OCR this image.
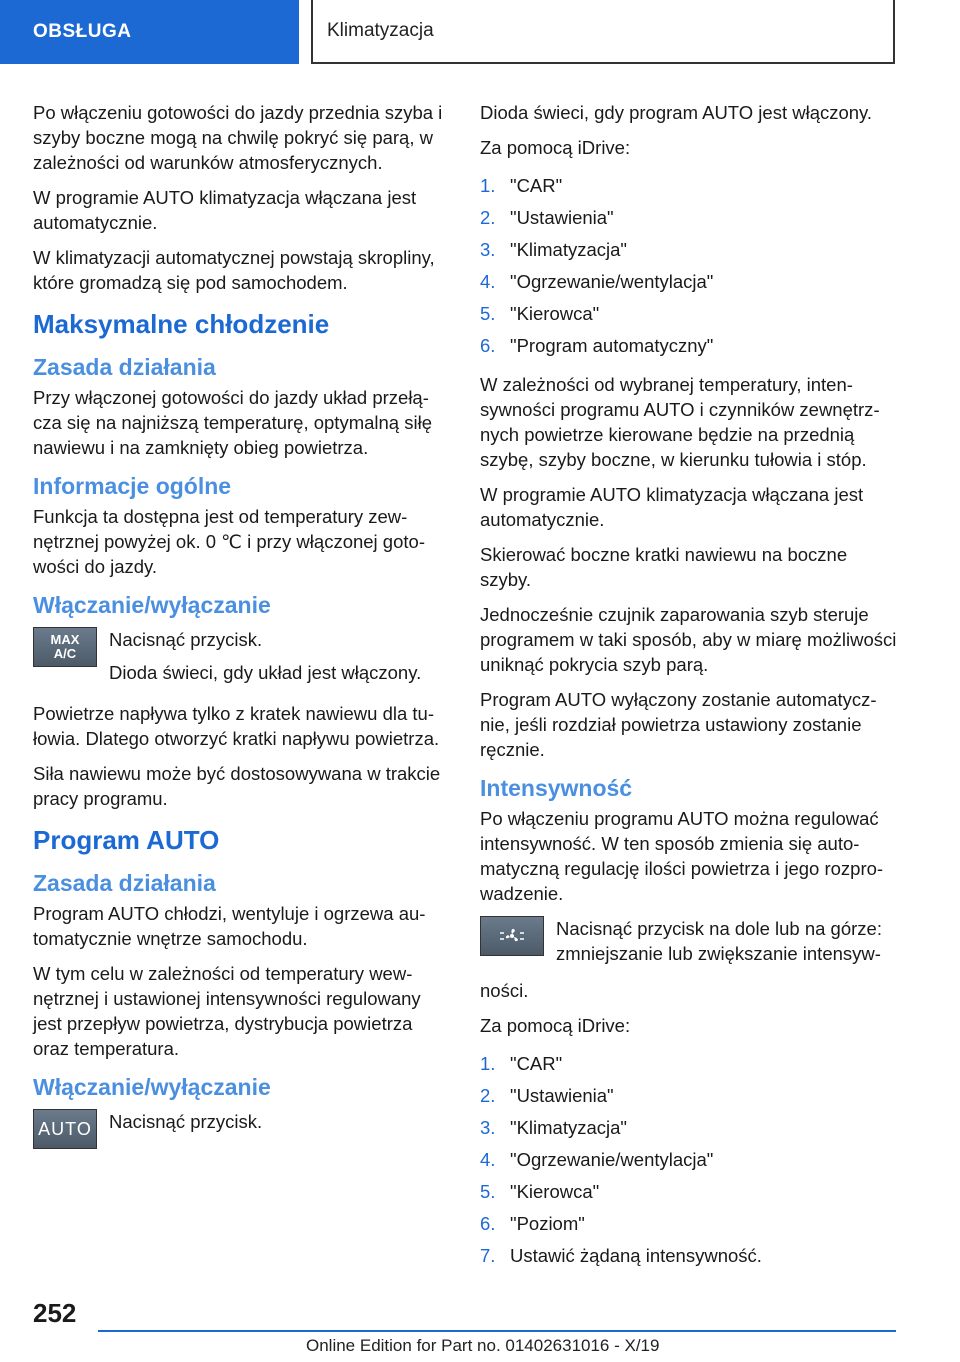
OBSŁUGA	Klimatyzacja

Po włączeniu gotowości do jazdy przednia szyba i szyby boczne mogą na chwilę pokryć się parą, w zależności od warunków atmosferycznych.

W programie AUTO klimatyzacja włączana jest automatycznie.

W klimatyzacji automatycznej powstają skropliny, które gromadzą się pod samochodem.

Maksymalne chłodzenie
Zasada działania

Przy włączonej gotowości do jazdy układ przełącza się na najniższą temperaturę, optymalną siłę nawiewu i na zamknięty obieg powietrza.

Informacje ogólne

Funkcja ta dostępna jest od temperatury zewnętrznej powyżej ok. 0 ℃ i przy włączonej gotowości do jazdy.

Włączanie/wyłączanie
MAX
A/C

Nacisnąć przycisk.

Dioda świeci, gdy układ jest włączony.

Powietrze napływa tylko z kratek nawiewu dla tułowia. Dlatego otworzyć kratki napływu powietrza.

Siła nawiewu może być dostosowywana w trakcie pracy programu.

Program AUTO
Zasada działania

Program AUTO chłodzi, wentyluje i ogrzewa automatycznie wnętrze samochodu.

W tym celu w zależności od temperatury wewnętrznej i ustawionej intensywności regulowany jest przepływ powietrza, dystrybucja powietrza oraz temperatura.

Włączanie/wyłączanie
AUTO Nacisnąć przycisk.

Dioda świeci, gdy program AUTO jest włączony.

Za pomocą iDrive:

1. "CAR"
2. "Ustawienia"
3. "Klimatyzacja"
4. "Ogrzewanie/wentylacja"
5. "Kierowca"
6. "Program automatyczny"

W zależności od wybranej temperatury, intensywności programu AUTO i czynników zewnętrznych powietrze kierowane będzie na przednią szybę, szyby boczne, w kierunku tułowia i stóp.

W programie AUTO klimatyzacja włączana jest automatycznie.

Skierować boczne kratki nawiewu na boczne szyby.

Jednocześnie czujnik zaparowania szyb steruje programem w taki sposób, aby w miarę możliwości uniknąć pokrycia szyb parą.

Program AUTO wyłączony zostanie automatycznie, jeśli rozdział powietrza ustawiony zostanie ręcznie.

Intensywność

Po włączeniu programu AUTO można regulować intensywność. W ten sposób zmienia się automatyczną regulację ilości powietrza i jego rozprowadzenie.

Nacisnąć przycisk na dole lub na górze: zmniejszanie lub zwiększanie intensyw-

ności.

Za pomocą iDrive:

1. "CAR"
2. "Ustawienia"
3. "Klimatyzacja"
4. "Ogrzewanie/wentylacja"
5. "Kierowca"
6. "Poziom"
7. Ustawić żądaną intensywność.
252
Online Edition for Part no. 01402631016 - X/19
